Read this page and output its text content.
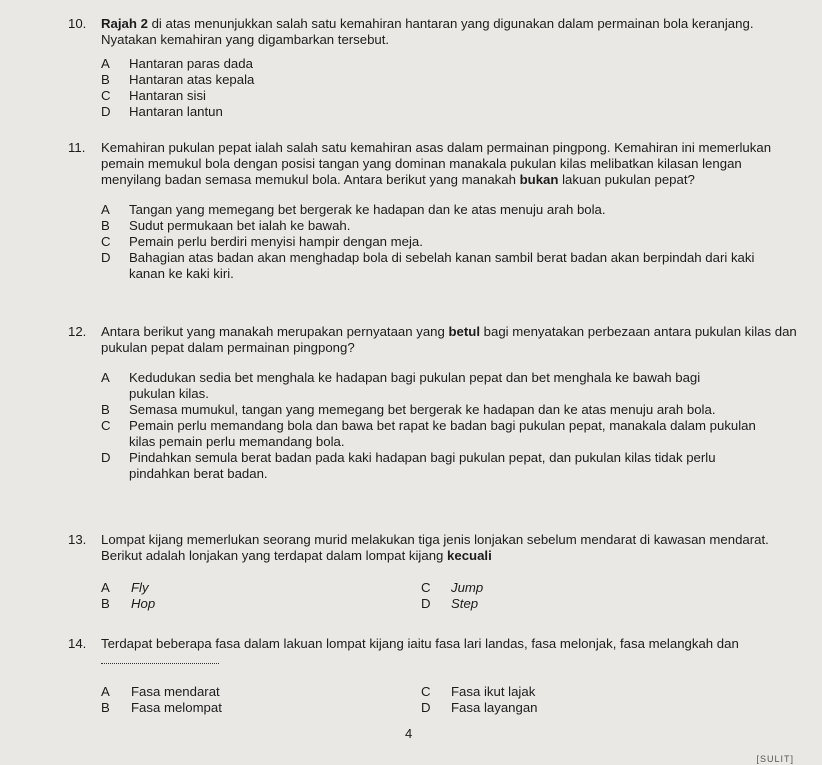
10.	Rajah 2 di atas menunjukkan salah satu kemahiran hantaran yang digunakan dalam permainan bola keranjang. Nyatakan kemahiran yang digambarkan tersebut.
A	Hantaran paras dada
B	Hantaran atas kepala
C	Hantaran sisi
D	Hantaran lantun
11.	Kemahiran pukulan pepat ialah salah satu kemahiran asas dalam permainan pingpong. Kemahiran ini memerlukan pemain memukul bola dengan posisi tangan yang dominan manakala pukulan kilas melibatkan kilasan lengan menyilang badan semasa memukul bola. Antara berikut yang manakah bukan lakuan pukulan pepat?
A	Tangan yang memegang bet bergerak ke hadapan dan ke atas menuju arah bola.
B	Sudut permukaan bet ialah ke bawah.
C	Pemain perlu berdiri menyisi hampir dengan meja.
D	Bahagian atas badan akan menghadap bola di sebelah kanan sambil berat badan akan berpindah dari kaki kanan ke kaki kiri.
12.	Antara berikut yang manakah merupakan pernyataan yang betul bagi menyatakan perbezaan antara pukulan kilas dan pukulan pepat dalam permainan pingpong?
A	Kedudukan sedia bet menghala ke hadapan bagi pukulan pepat dan bet menghala ke bawah bagi pukulan kilas.
B	Semasa mumukul, tangan yang memegang bet bergerak ke hadapan dan ke atas menuju arah bola.
C	Pemain perlu memandang bola dan bawa bet rapat ke badan bagi pukulan pepat, manakala dalam pukulan kilas pemain perlu memandang bola.
D	Pindahkan semula berat badan pada kaki hadapan bagi pukulan pepat, dan pukulan kilas tidak perlu pindahkan berat badan.
13.	Lompat kijang memerlukan seorang murid melakukan tiga jenis lonjakan sebelum mendarat di kawasan mendarat. Berikut adalah lonjakan yang terdapat dalam lompat kijang kecuali
A	Fly	C	Jump
B	Hop	D	Step
14.	Terdapat beberapa fasa dalam lakuan lompat kijang iaitu fasa lari landas, fasa melonjak, fasa melangkah dan
A	Fasa mendarat	C	Fasa ikut lajak
B	Fasa melompat	D	Fasa layangan
4
[SULIT]
